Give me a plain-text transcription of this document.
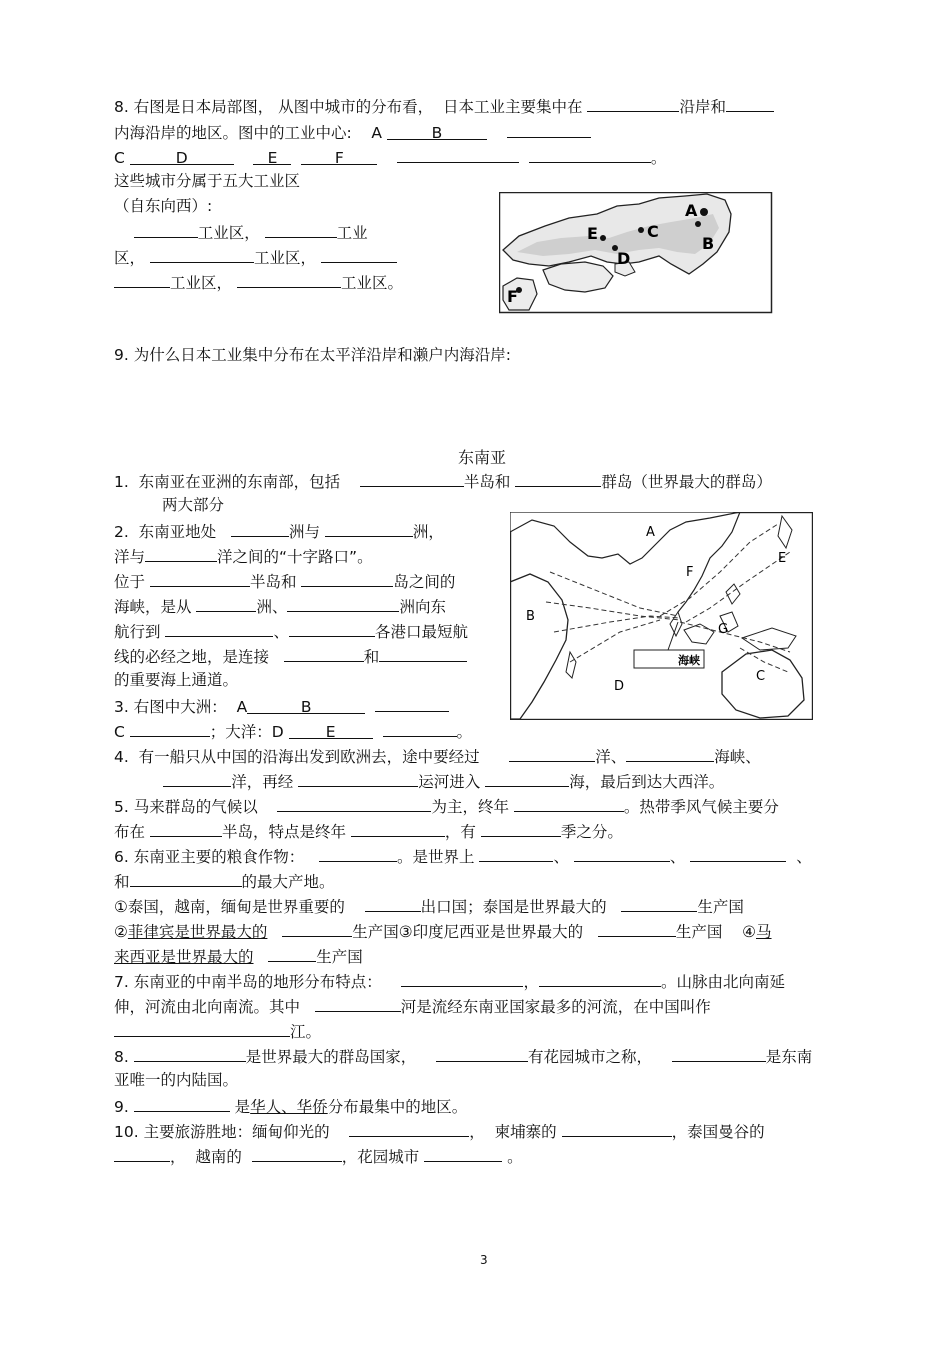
8. 右图是日本局部图， 从图中城市的分布看，  日本工业主要集中在	沿岸和
内海沿岸的地区。图中的工业中心:    A	B
C	D	E	F	。
这些城市分属于五大工业区
（自东向西）:
工业区，	工业
区，	工业区，
工业区，	工业区。
A
B
C
D
E
F
9. 为什么日本工业集中分布在太平洋沿岸和濑户内海沿岸:
东南亚
1.  东南亚在亚洲的东南部，包括	半岛和	群岛（世界最大的群岛）
两大部分
2.  东南亚地处	洲与	洲，
洋与	洋之间的“十字路口”。
位于	半岛和	岛之间的
海峡，是从	洲、	洲向东
航行到	、	各港口最短航
线的必经之地，是连接	和
的重要海上通道。
海峡
A
B
C
D
E
F
G
3. 右图中大洲：  A	B
C	；大洋：D	E	。
4.  有一船只从中国的沿海出发到欧洲去，途中要经过	洋、	海峡、
洋，再经	运河进入	海，最后到达大西洋。
5. 马来群岛的气候以	为主，终年	。热带季风气候主要分
布在	半岛，特点是终年	，有	季之分。
6. 东南亚主要的粮食作物：	。是世界上	、	、	、
和	的最大产地。
①泰国，越南，缅甸是世界重要的	出口国；泰国是世界最大的	生产国
②菲律宾是世界最大的	生产国③印度尼西亚是世界最大的	生产国    ④马
来西亚是世界最大的	生产国
7. 东南亚的中南半岛的地形分布特点：	，	。山脉由北向南延
伸，河流由北向南流。其中	河是流经东南亚国家最多的河流，在中国叫作
江。
8.	是世界最大的群岛国家，	有花园城市之称，	是东南
亚唯一的内陆国。
9.	是华人、华侨分布最集中的地区。
10. 主要旅游胜地：缅甸仰光的	，  柬埔寨的	，泰国曼谷的
，  越南的	，花园城市	。
3
